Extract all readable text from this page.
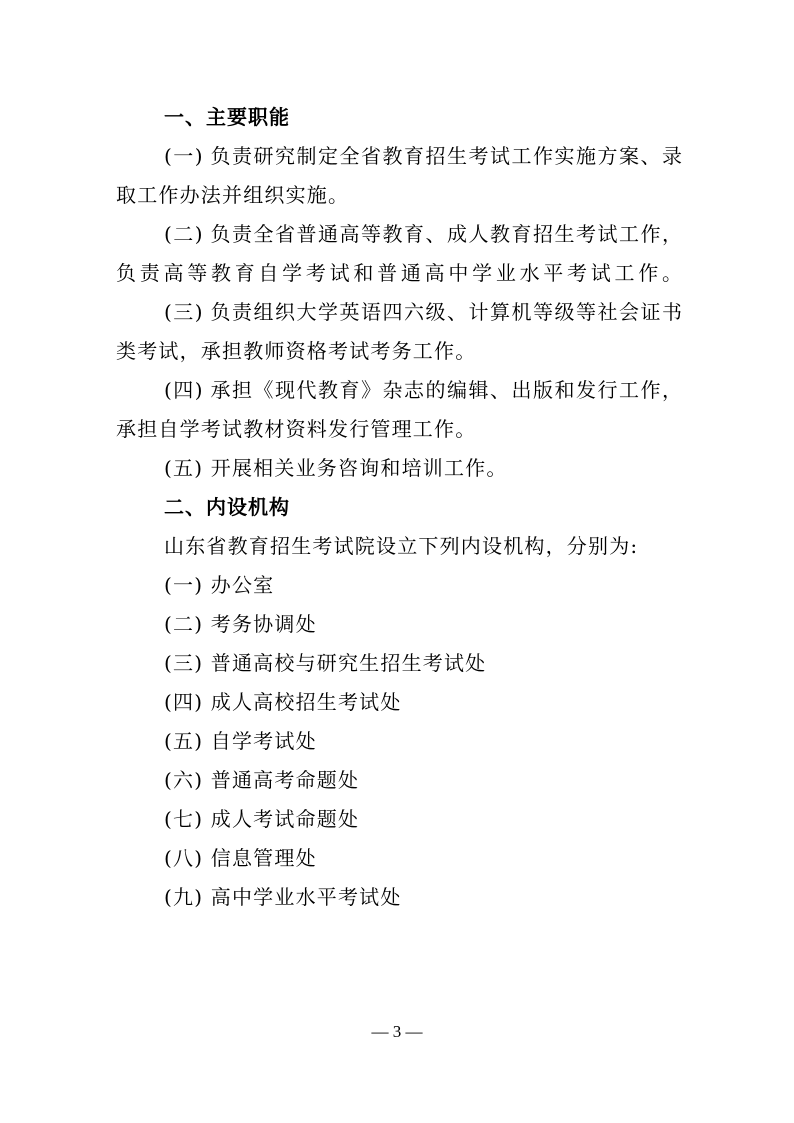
一、主要职能
(一) 负责研究制定全省教育招生考试工作实施方案、录
取工作办法并组织实施。
(二) 负责全省普通高等教育、成人教育招生考试工作，
负责高等教育自学考试和普通高中学业水平考试工作。
(三) 负责组织大学英语四六级、计算机等级等社会证书
类考试，承担教师资格考试考务工作。
(四) 承担《现代教育》杂志的编辑、出版和发行工作，
承担自学考试教材资料发行管理工作。
(五) 开展相关业务咨询和培训工作。
二、内设机构
山东省教育招生考试院设立下列内设机构，分别为:
(一) 办公室
(二) 考务协调处
(三) 普通高校与研究生招生考试处
(四) 成人高校招生考试处
(五) 自学考试处
(六) 普通高考命题处
(七) 成人考试命题处
(八) 信息管理处
(九) 高中学业水平考试处
— 3 —
